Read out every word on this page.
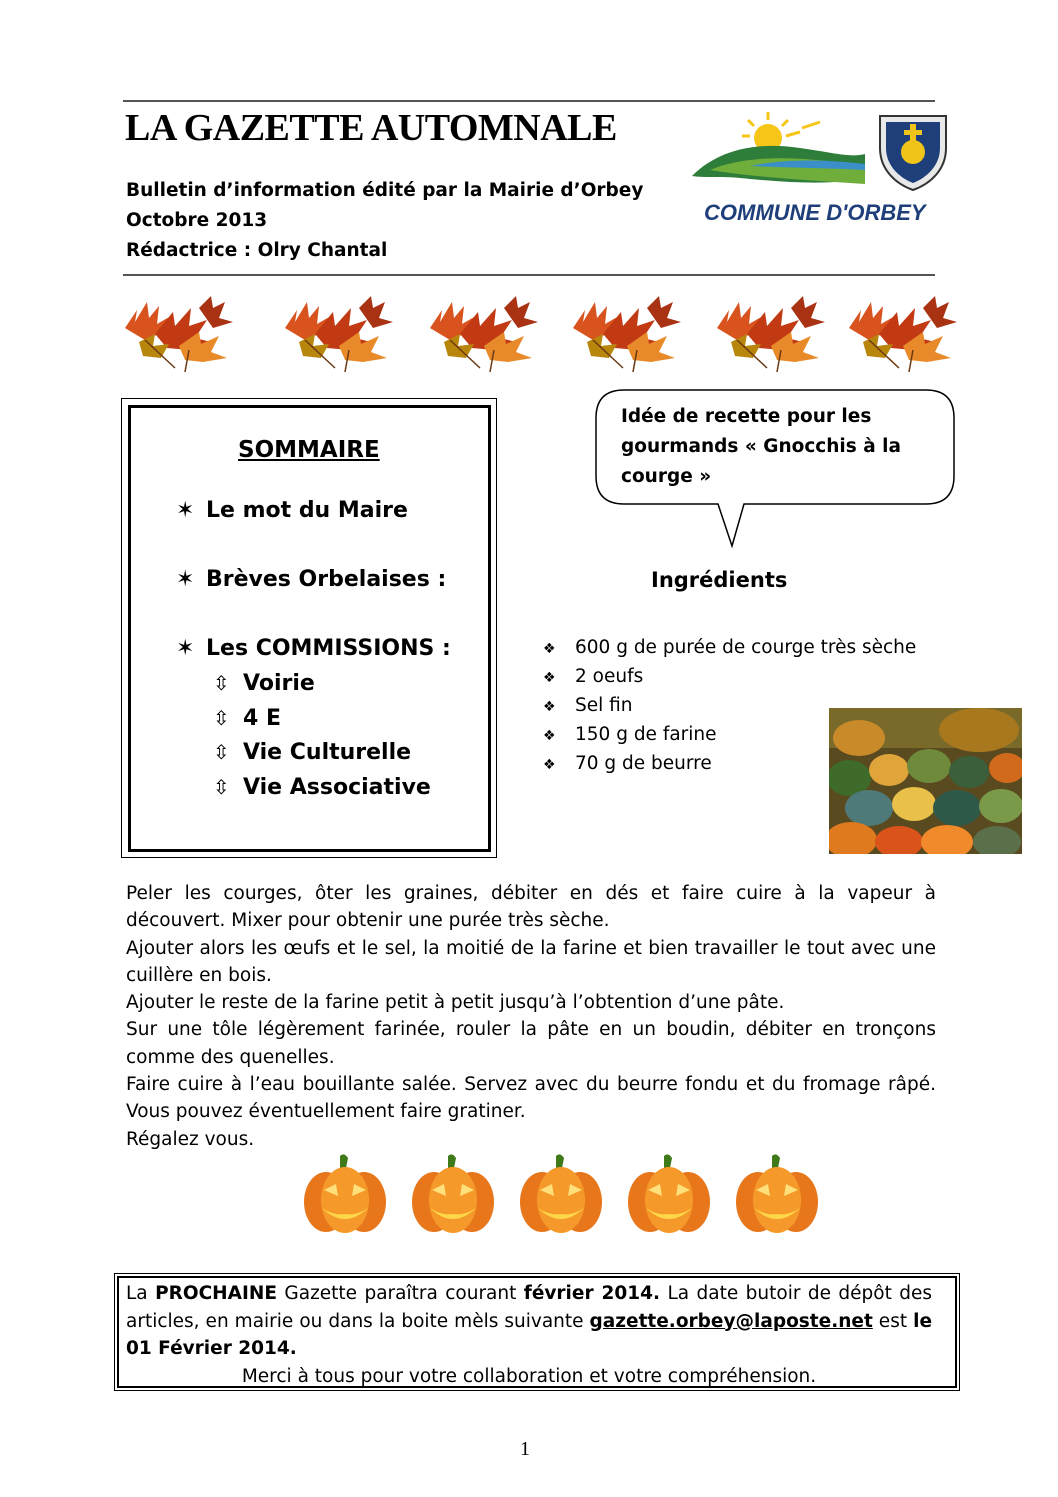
LA GAZETTE AUTOMNALE
Bulletin d’information édité par la Mairie d’Orbey
Octobre 2013
Rédactrice : Olry Chantal
COMMUNE D'ORBEY
SOMMAIRE
✶ Le mot du Maire
✶ Brèves Orbelaises :
✶ Les COMMISSIONS :
⇳ Voirie
⇳ 4 E
⇳ Vie Culturelle
⇳ Vie Associative
Idée de recette pour les gourmands « Gnocchis à la courge »
Ingrédients
❖ 600 g de purée de courge très sèche
❖ 2 oeufs
❖ Sel fin
❖ 150 g de farine
❖ 70 g de beurre

Peler les courges, ôter les graines, débiter en dés et faire cuire à la vapeur à découvert. Mixer pour obtenir une purée très sèche.

Ajouter alors les œufs et le sel, la moitié de la farine et bien travailler le tout avec une cuillère en bois.

Ajouter le reste de la farine petit à petit jusqu’à l’obtention d’une pâte.

Sur une tôle légèrement farinée, rouler la pâte en un boudin, débiter en tronçons comme des quenelles.

Faire cuire à l’eau bouillante salée. Servez avec du beurre fondu et du fromage râpé. Vous pouvez éventuellement faire gratiner.

Régalez vous.

La PROCHAINE Gazette paraîtra courant février 2014. La date butoir de dépôt des articles, en mairie ou dans la boite mèls suivante gazette.orbey@laposte.net est le 01 Février 2014.

Merci à tous pour votre collaboration et votre compréhension.

1
